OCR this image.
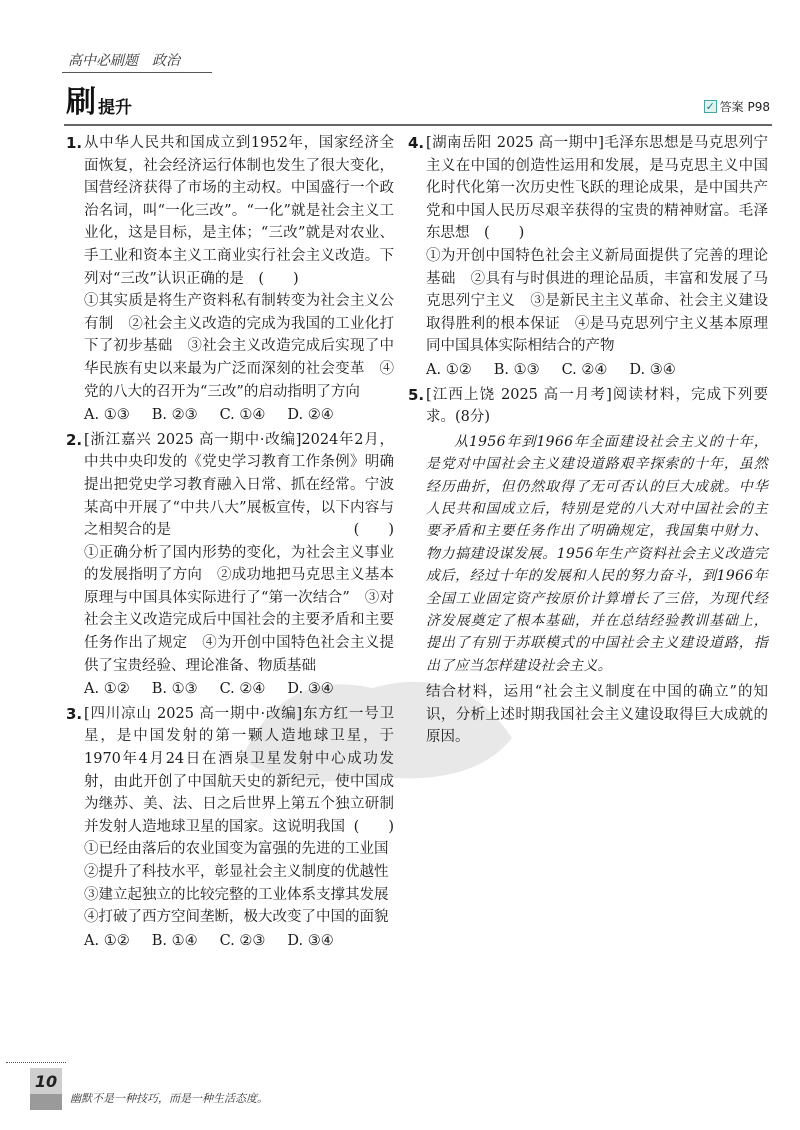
高中必刷题　政治
刷 提升	✓ 答案 P98
1. 从中华人民共和国成立到1952年，国家经济全面恢复，社会经济运行体制也发生了很大变化，国营经济获得了市场的主动权。中国盛行一个政治名词，叫“一化三改”。“一化”就是社会主义工业化，这是目标，是主体；“三改”就是对农业、手工业和资本主义工商业实行社会主义改造。下列对“三改”认识正确的是　(　　)
①其实质是将生产资料私有制转变为社会主义公有制　②社会主义改造的完成为我国的工业化打下了初步基础　③社会主义改造完成后实现了中华民族有史以来最为广泛而深刻的社会变革　④党的八大的召开为“三改”的启动指明了方向
A. ①③ B. ②③ C. ①④ D. ②④
2. [浙江嘉兴 2025 高一期中·改编]2024年2月，中共中央印发的《党史学习教育工作条例》明确提出把党史学习教育融入日常、抓在经常。宁波某高中开展了“中共八大”展板宣传，以下内容与之相契合的是	(　　)
①正确分析了国内形势的变化，为社会主义事业的发展指明了方向　②成功地把马克思主义基本原理与中国具体实际进行了“第一次结合”　③对社会主义改造完成后中国社会的主要矛盾和主要任务作出了规定　④为开创中国特色社会主义提供了宝贵经验、理论准备、物质基础
A. ①② B. ①③ C. ②④ D. ③④
3. [四川凉山 2025 高一期中·改编]东方红一号卫星，是中国发射的第一颗人造地球卫星，于1970年4月24日在酒泉卫星发射中心成功发射，由此开创了中国航天史的新纪元，使中国成为继苏、美、法、日之后世界上第五个独立研制并发射人造地球卫星的国家。这说明我国 (　　)
①已经由落后的农业国变为富强的先进的工业国
②提升了科技水平，彰显社会主义制度的优越性
③建立起独立的比较完整的工业体系支撑其发展
④打破了西方空间垄断，极大改变了中国的面貌
A. ①② B. ①④ C. ②③ D. ③④
4. [湖南岳阳 2025 高一期中]毛泽东思想是马克思列宁主义在中国的创造性运用和发展，是马克思主义中国化时代化第一次历史性飞跃的理论成果，是中国共产党和中国人民历尽艰辛获得的宝贵的精神财富。毛泽东思想　(　　)
①为开创中国特色社会主义新局面提供了完善的理论基础　②具有与时俱进的理论品质，丰富和发展了马克思列宁主义　③是新民主主义革命、社会主义建设取得胜利的根本保证　④是马克思列宁主义基本原理同中国具体实际相结合的产物
A. ①② B. ①③ C. ②④ D. ③④
5. [江西上饶 2025 高一月考]阅读材料，完成下列要求。(8分)
从1956年到1966年全面建设社会主义的十年，是党对中国社会主义建设道路艰辛探索的十年，虽然经历曲折，但仍然取得了无可否认的巨大成就。中华人民共和国成立后，特别是党的八大对中国社会的主要矛盾和主要任务作出了明确规定，我国集中财力、物力搞建设谋发展。1956年生产资料社会主义改造完成后，经过十年的发展和人民的努力奋斗，到1966年全国工业固定资产按原价计算增长了三倍，为现代经济发展奠定了根本基础，并在总结经验教训基础上，提出了有别于苏联模式的中国社会主义建设道路，指出了应当怎样建设社会主义。
结合材料，运用“社会主义制度在中国的确立”的知识，分析上述时期我国社会主义建设取得巨大成就的原因。
10
幽默不是一种技巧，而是一种生活态度。
